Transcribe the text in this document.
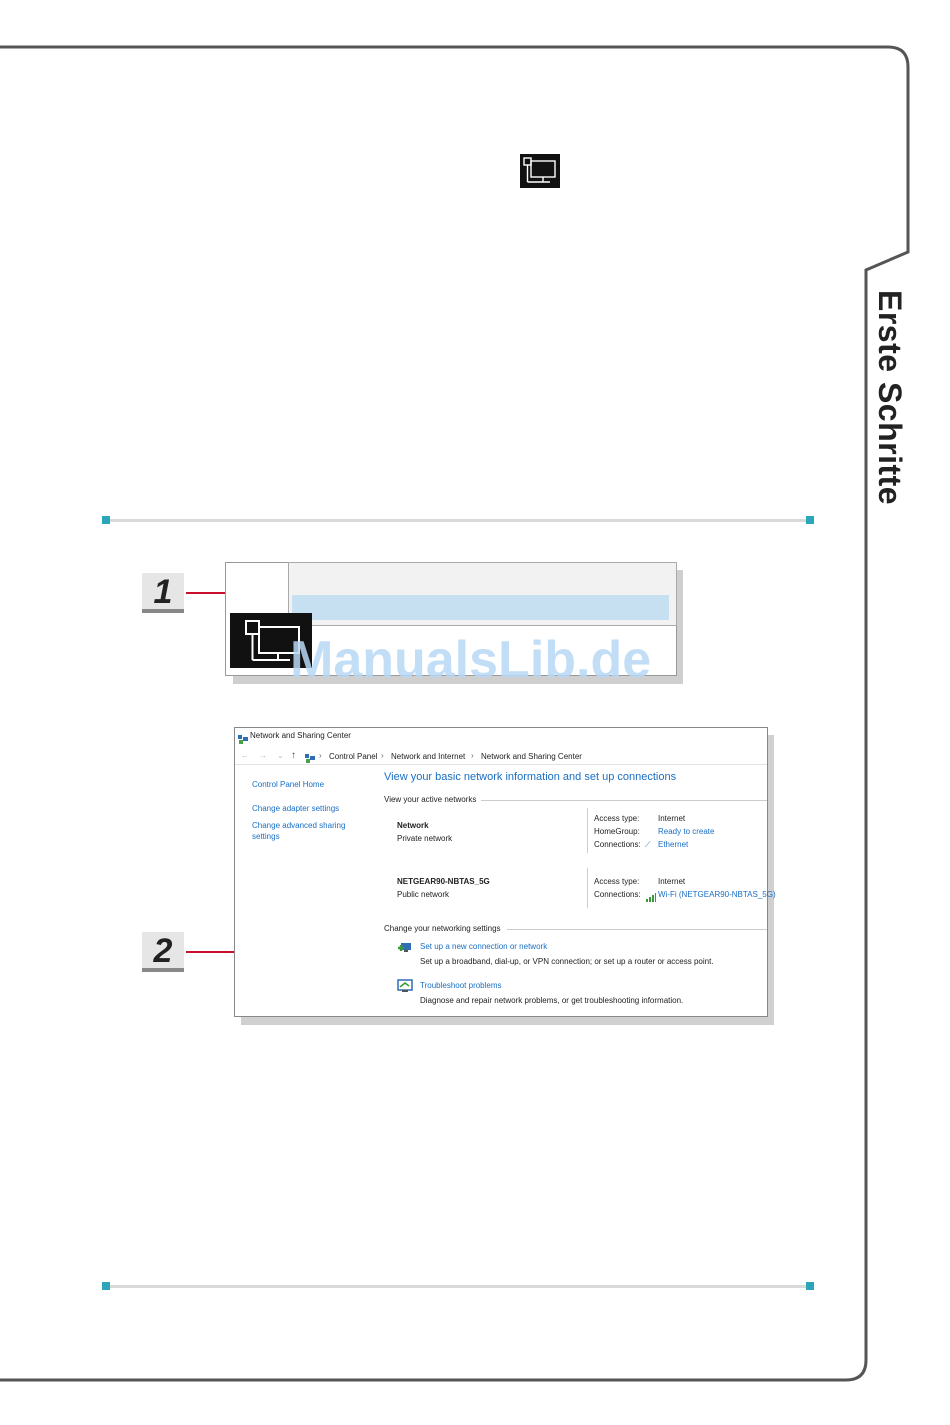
Erste Schritte
1
ManualsLib.de
2
Network and Sharing Center
← → ⌄ ↑	› Control Panel › Network and Internet › Network and Sharing Center
Control Panel Home
Change adapter settings
Change advanced sharing
settings
View your basic network information and set up connections
View your active networks
Network
Private network
Access type: Internet
HomeGroup: Ready to create
Connections: ⟋ Ethernet
NETGEAR90-NBTAS_5G
Public network
Access type: Internet
Connections: Wi-Fi (NETGEAR90-NBTAS_5G)
Change your networking settings
Set up a new connection or network
Set up a broadband, dial-up, or VPN connection; or set up a router or access point.
Troubleshoot problems
Diagnose and repair network problems, or get troubleshooting information.
